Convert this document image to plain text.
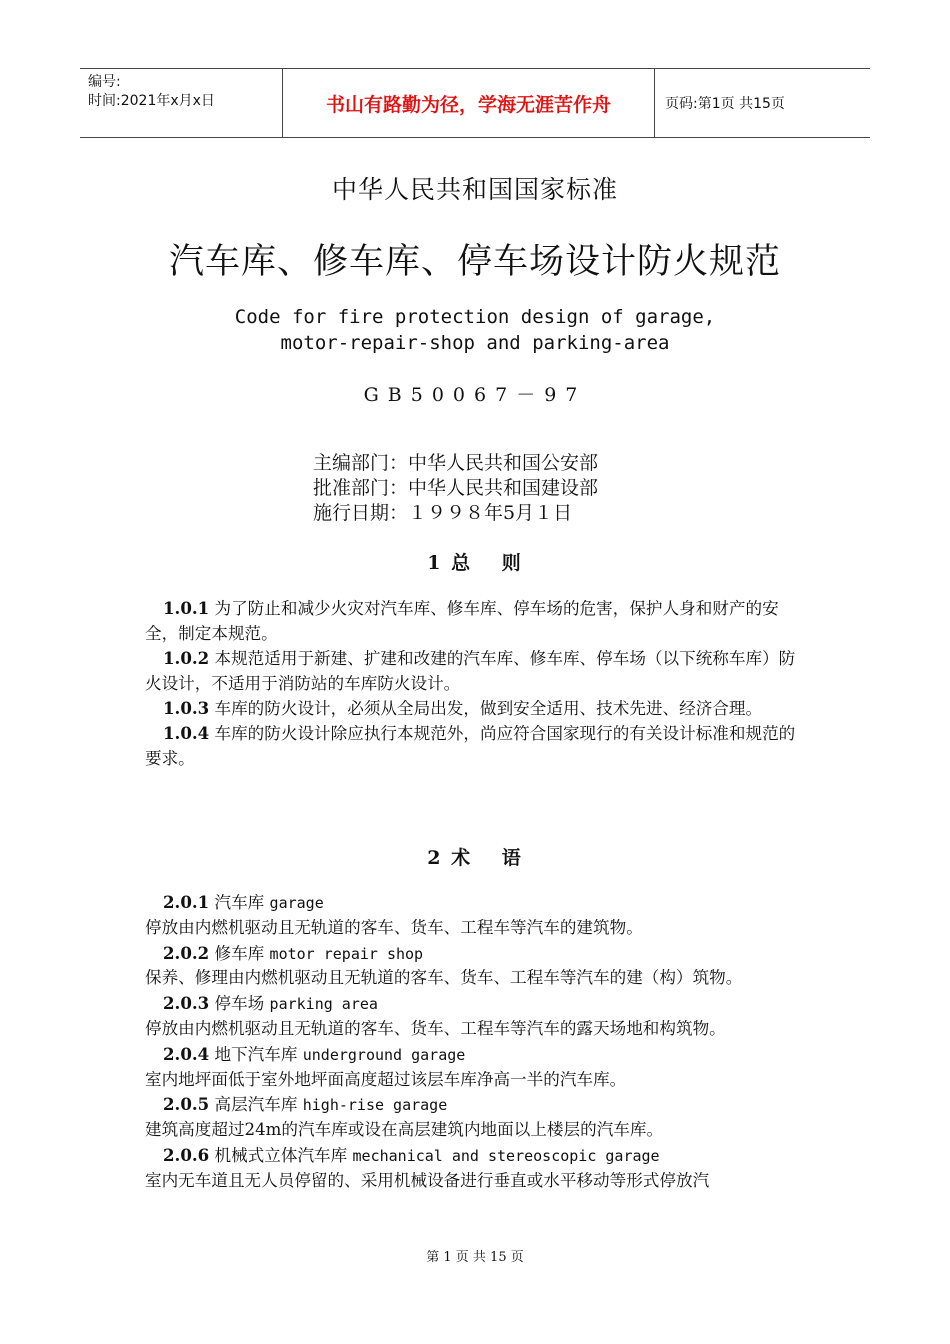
编号:
时间:2021年x月x日	书山有路勤为径，学海无涯苦作舟	页码:第1页 共15页
中华人民共和国国家标准
汽车库、修车库、停车场设计防火规范
Code for fire protection design of garage,
motor-repair-shop and parking-area
GB50067－97
主编部门：中华人民共和国公安部
批准部门：中华人民共和国建设部
施行日期：１９９８年5月１日
1 总　 则
1.0.1 为了防止和减少火灾对汽车库、修车库、停车场的危害，保护人身和财产的安全，制定本规范。
1.0.2 本规范适用于新建、扩建和改建的汽车库、修车库、停车场（以下统称车库）防火设计，不适用于消防站的车库防火设计。
1.0.3 车库的防火设计，必须从全局出发，做到安全适用、技术先进、经济合理。
1.0.4 车库的防火设计除应执行本规范外，尚应符合国家现行的有关设计标准和规范的要求。
2 术　 语
2.0.1 汽车库 garage
停放由内燃机驱动且无轨道的客车、货车、工程车等汽车的建筑物。
2.0.2 修车库 motor repair shop
保养、修理由内燃机驱动且无轨道的客车、货车、工程车等汽车的建（构）筑物。
2.0.3 停车场 parking area
停放由内燃机驱动且无轨道的客车、货车、工程车等汽车的露天场地和构筑物。
2.0.4 地下汽车库 underground garage
室内地坪面低于室外地坪面高度超过该层车库净高一半的汽车库。
2.0.5 高层汽车库 high-rise garage
建筑高度超过24m的汽车库或设在高层建筑内地面以上楼层的汽车库。
2.0.6 机械式立体汽车库 mechanical and stereoscopic garage
室内无车道且无人员停留的、采用机械设备进行垂直或水平移动等形式停放汽
第 1 页 共 15 页
